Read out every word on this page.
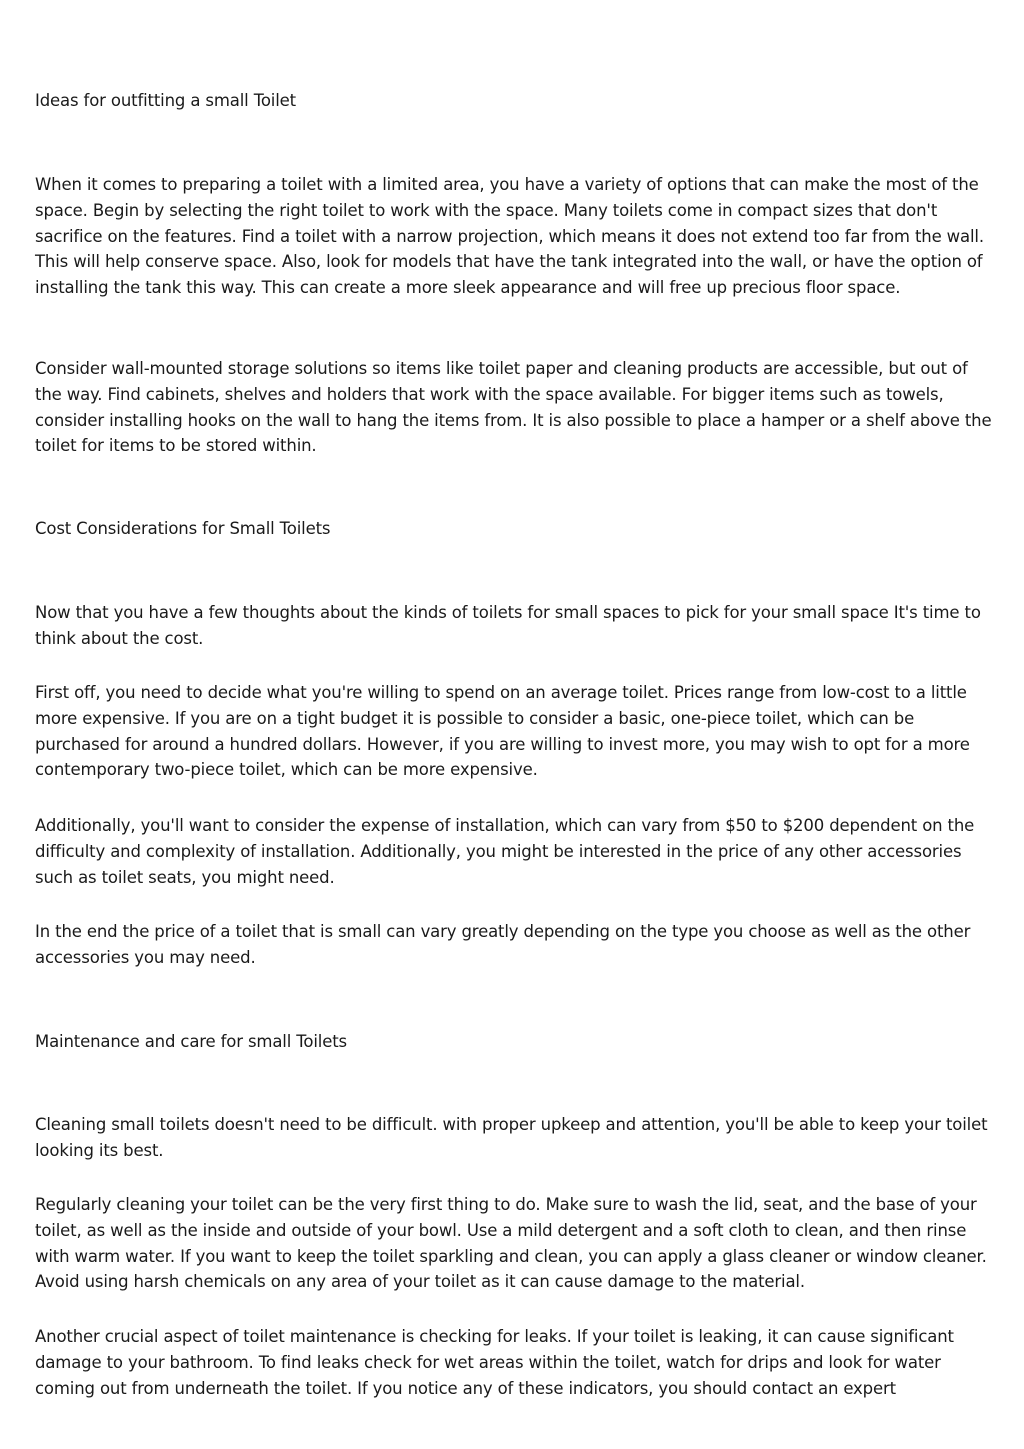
Ideas for outfitting a small Toilet

When it comes to preparing a toilet with a limited area, you have a variety of options that can make the most of the space. Begin by selecting the right toilet to work with the space. Many toilets come in compact sizes that don't sacrifice on the features. Find a toilet with a narrow projection, which means it does not extend too far from the wall. This will help conserve space. Also, look for models that have the tank integrated into the wall, or have the option of installing the tank this way. This can create a more sleek appearance and will free up precious floor space.

Consider wall-mounted storage solutions so items like toilet paper and cleaning products are accessible, but out of the way. Find cabinets, shelves and holders that work with the space available. For bigger items such as towels, consider installing hooks on the wall to hang the items from. It is also possible to place a hamper or a shelf above the toilet for items to be stored within.

Cost Considerations for Small Toilets

Now that you have a few thoughts about the kinds of toilets for small spaces to pick for your small space It's time to think about the cost.

First off, you need to decide what you're willing to spend on an average toilet. Prices range from low-cost to a little more expensive. If you are on a tight budget it is possible to consider a basic, one-piece toilet, which can be purchased for around a hundred dollars. However, if you are willing to invest more, you may wish to opt for a more contemporary two-piece toilet, which can be more expensive.

Additionally, you'll want to consider the expense of installation, which can vary from $50 to $200 dependent on the difficulty and complexity of installation. Additionally, you might be interested in the price of any other accessories such as toilet seats, you might need.

In the end the price of a toilet that is small can vary greatly depending on the type you choose as well as the other accessories you may need.

Maintenance and care for small Toilets

Cleaning small toilets doesn't need to be difficult. with proper upkeep and attention, you'll be able to keep your toilet looking its best.

Regularly cleaning your toilet can be the very first thing to do. Make sure to wash the lid, seat, and the base of your toilet, as well as the inside and outside of your bowl. Use a mild detergent and a soft cloth to clean, and then rinse with warm water. If you want to keep the toilet sparkling and clean, you can apply a glass cleaner or window cleaner. Avoid using harsh chemicals on any area of your toilet as it can cause damage to the material.

Another crucial aspect of toilet maintenance is checking for leaks. If your toilet is leaking, it can cause significant damage to your bathroom. To find leaks check for wet areas within the toilet, watch for drips and look for water coming out from underneath the toilet. If you notice any of these indicators, you should contact an expert
